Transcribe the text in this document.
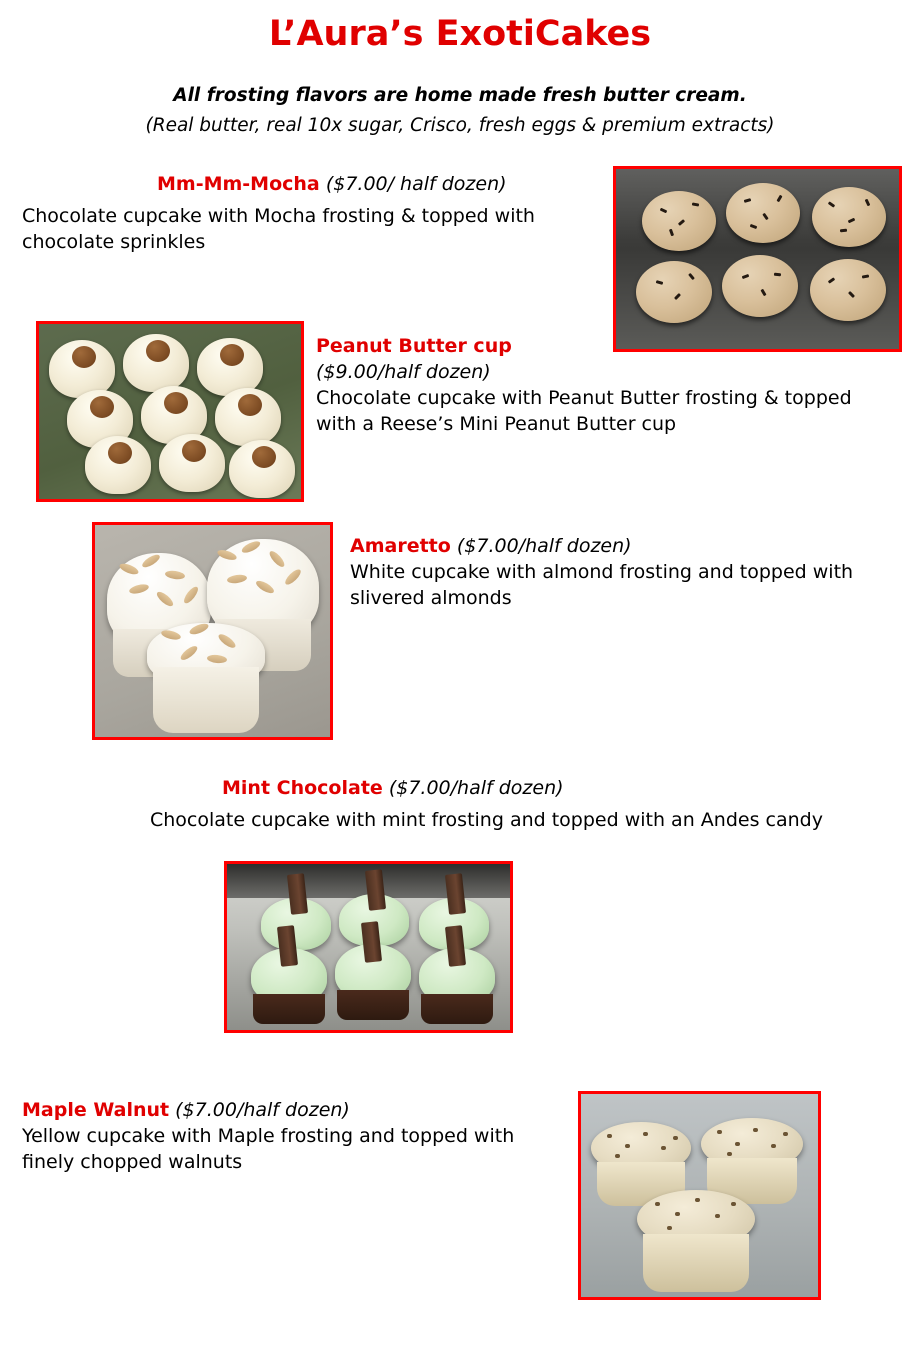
L’Aura’s ExotiCakes
All frosting flavors are home made fresh butter cream.
(Real butter, real 10x sugar, Crisco, fresh eggs & premium extracts)
Mm-Mm-Mocha ($7.00/ half dozen)
Chocolate cupcake with Mocha frosting & topped with
chocolate sprinkles
Peanut Butter cup
($9.00/half dozen)
Chocolate cupcake with Peanut Butter frosting & topped
with a Reese’s Mini Peanut Butter cup
Amaretto ($7.00/half dozen)
White cupcake with almond frosting and topped with
slivered almonds
Mint Chocolate ($7.00/half dozen)
Chocolate cupcake with mint frosting and topped with an Andes candy
Maple Walnut ($7.00/half dozen)
Yellow cupcake with Maple frosting and topped with
finely chopped walnuts
